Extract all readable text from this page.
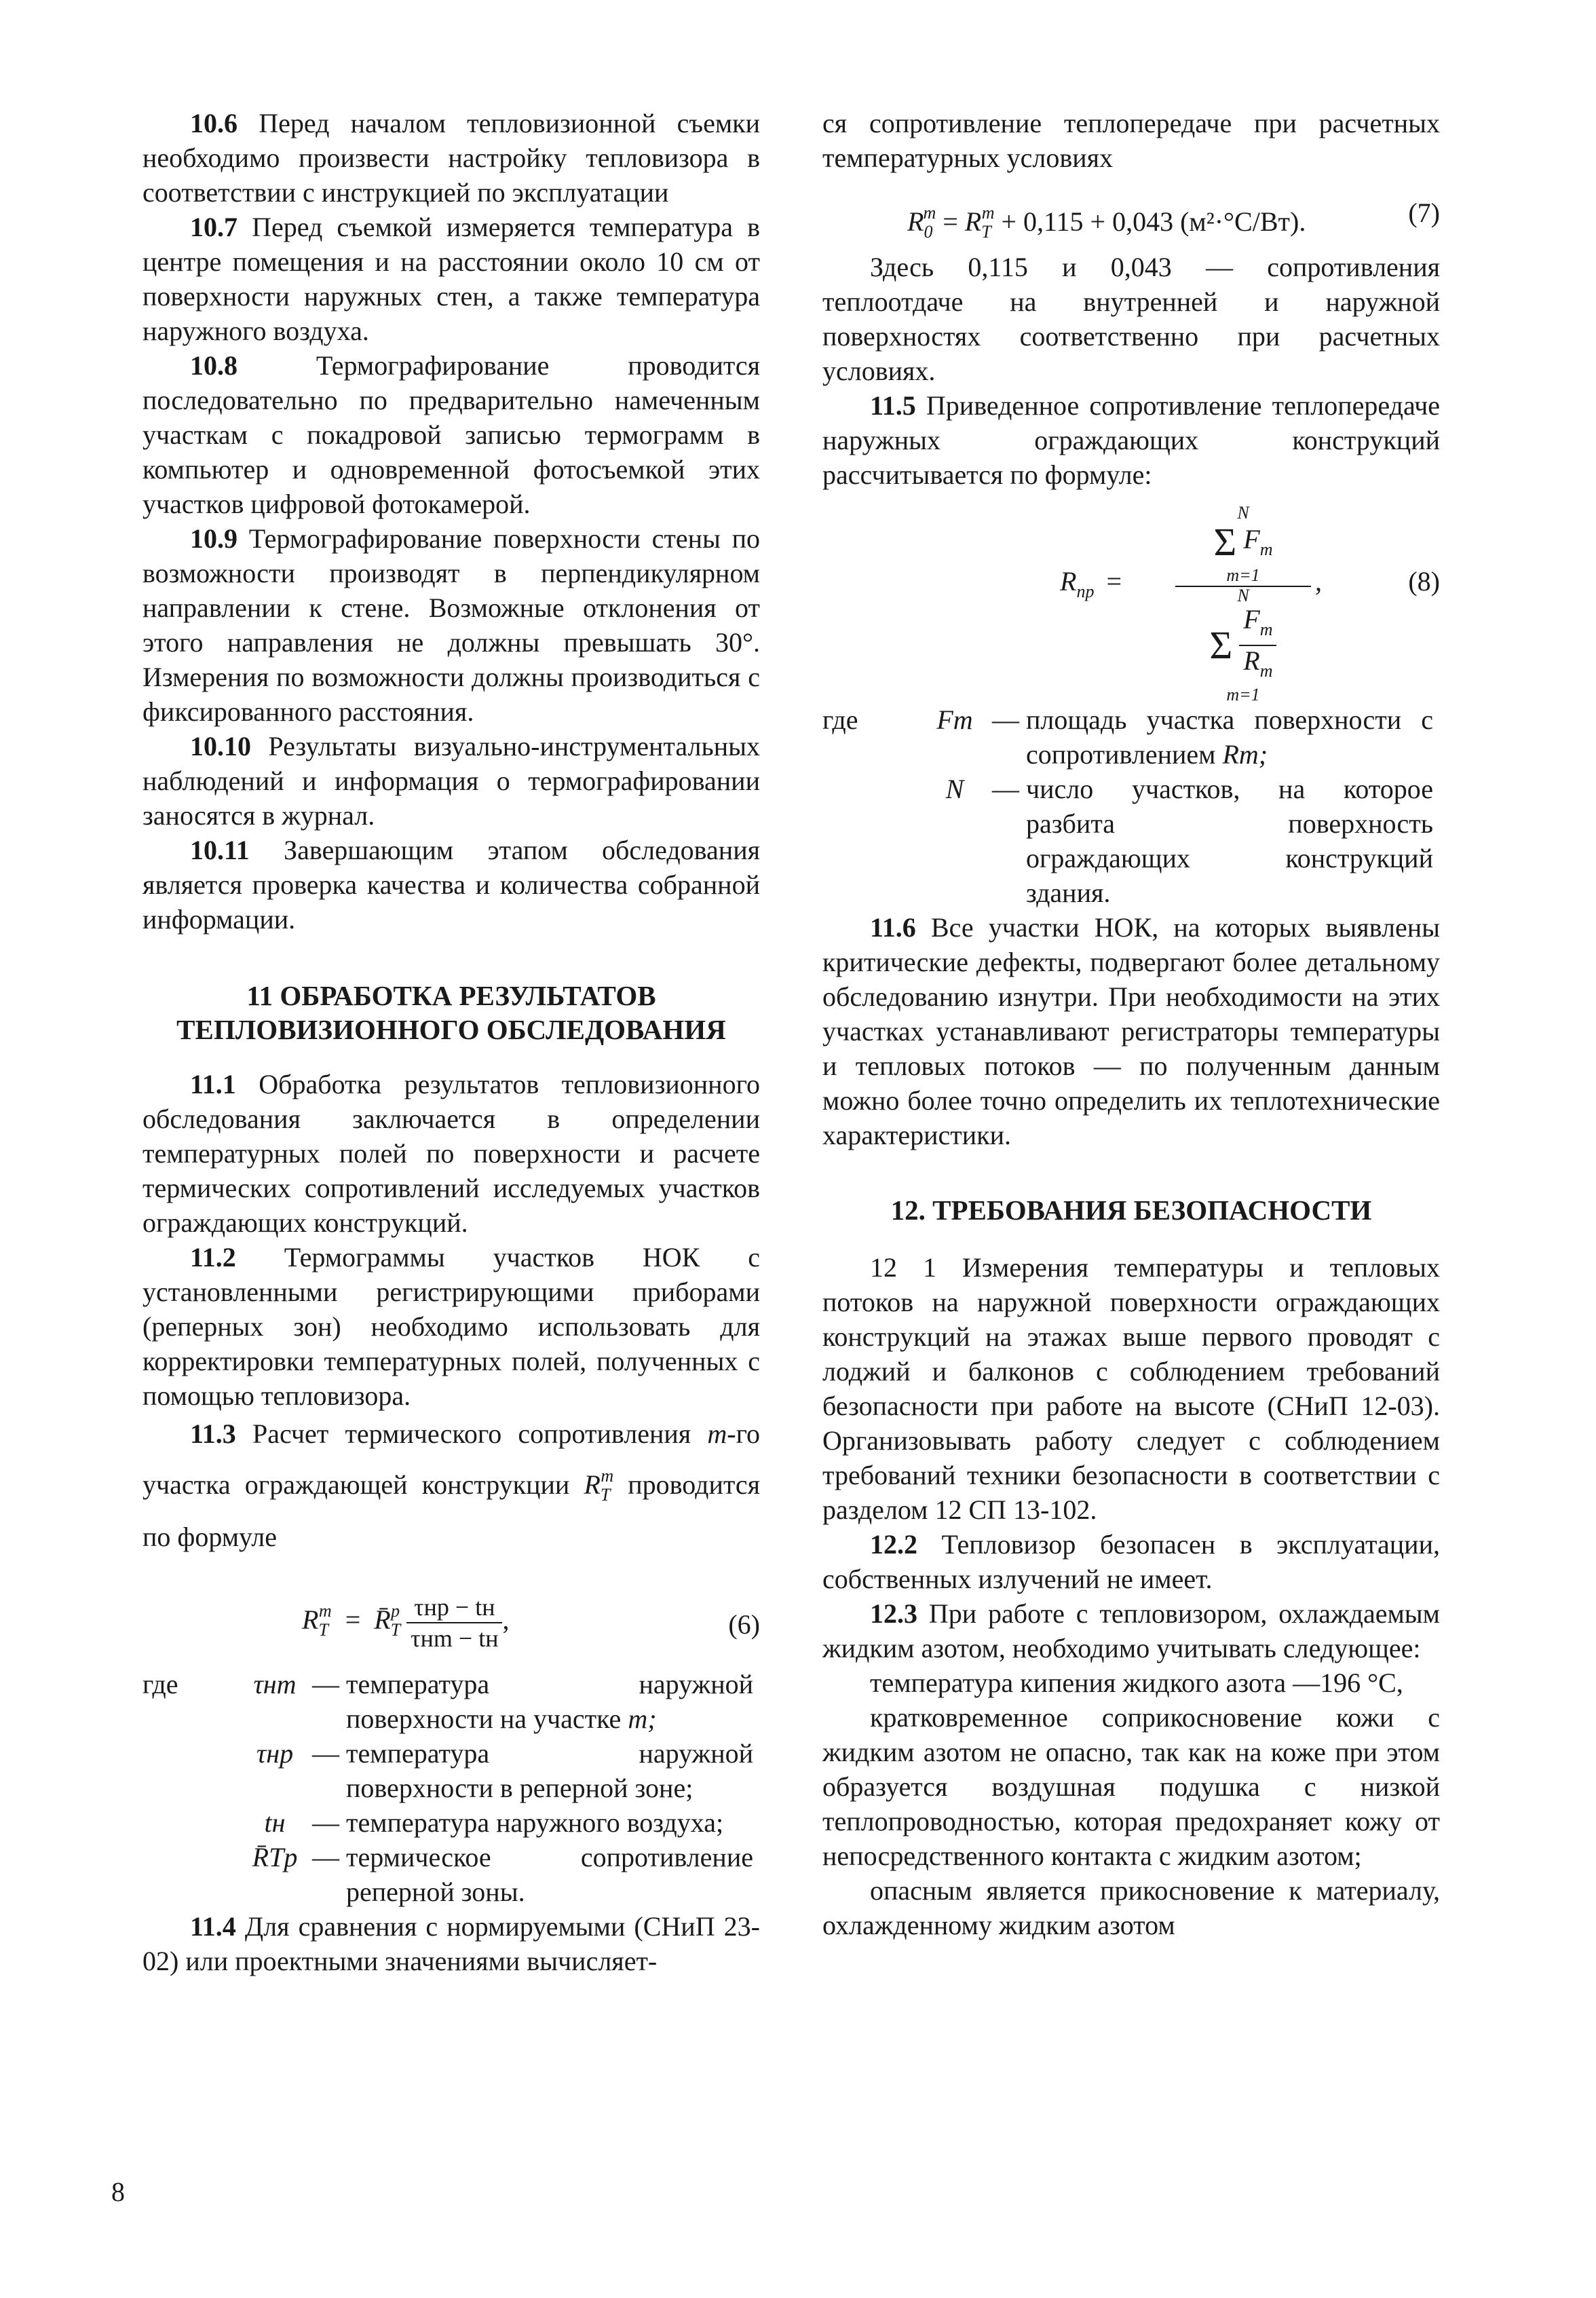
10.6 Перед началом тепловизионной съемки необходимо произвести настройку тепловизора в соответствии с инструкцией по эксплуатации

10.7 Перед съемкой измеряется температура в центре помещения и на расстоянии около 10 см от поверхности наружных стен, а также температура наружного воздуха.

10.8 Термографирование проводится последовательно по предварительно намеченным участкам с покадровой записью термограмм в компьютер и одновременной фотосъемкой этих участков цифровой фотокамерой.

10.9 Термографирование поверхности стены по возможности производят в перпендикулярном направлении к стене. Возможные отклонения от этого направления не должны превышать 30°. Измерения по возможности должны производиться с фиксированного расстояния.

10.10 Результаты визуально-инструментальных наблюдений и информация о термографировании заносятся в журнал.

10.11 Завершающим этапом обследования является проверка качества и количества собранной информации.

11 ОБРАБОТКА РЕЗУЛЬТАТОВ
ТЕПЛОВИЗИОННОГО ОБСЛЕДОВАНИЯ

11.1 Обработка результатов тепловизионного обследования заключается в определении температурных полей по поверхности и расчете термических сопротивлений исследуемых участков ограждающих конструкций.

11.2 Термограммы участков НОК с установленными регистрирующими приборами (реперных зон) необходимо использовать для корректировки температурных полей, полученных с помощью тепловизора.

11.3 Расчет термического сопротивления m-го участка ограждающей конструкции $R_T^m$ проводится по формуле

$R_T^m$ = $R̄_T^p \frac{\text{τнр − tн}}{\text{τнm − tн}}$ ,	(6)
где	τнm	—	температура наружной поверхности на участке m;
	τнр	—	температура наружной поверхности в реперной зоне;
	tн	—	температура наружного воздуха;
	R̄Tp	—	термическое сопротивление реперной зоны.

11.4 Для сравнения с нормируемыми (СНиП 23-02) или проектными значениями вычисляет-

ся сопротивление теплопередаче при расчетных температурных условиях

$R_0^m = R_T^m + 0,115 + 0,043$ (м²·°С/Вт).	(7)

Здесь 0,115 и 0,043 — сопротивления теплоотдаче на внутренней и наружной поверхностях соответственно при расчетных условиях.

11.5 Приведенное сопротивление теплопередаче наружных ограждающих конструкций рассчитывается по формуле:

$R_{пр}$ =
N
Σ $F_m$
m=1
N
Σ
$\frac{F_m}{R_m}$
m=1
,	(8)
где	Fm	—	площадь участка поверхности с сопротивлением Rm;
	N	—	число участков, на которое разбита поверхность ограждающих конструкций здания.

11.6 Все участки НОК, на которых выявлены критические дефекты, подвергают более детальному обследованию изнутри. При необходимости на этих участках устанавливают регистраторы температуры и тепловых потоков — по полученным данным можно более точно определить их теплотехнические характеристики.

12. ТРЕБОВАНИЯ БЕЗОПАСНОСТИ

12 1 Измерения температуры и тепловых потоков на наружной поверхности ограждающих конструкций на этажах выше первого проводят с лоджий и балконов с соблюдением требований безопасности при работе на высоте (СНиП 12-03). Организовывать работу следует с соблюдением требований техники безопасности в соответствии с разделом 12 СП 13-102.

12.2 Тепловизор безопасен в эксплуатации, собственных излучений не имеет.

12.3 При работе с тепловизором, охлаждаемым жидким азотом, необходимо учитывать следующее:

температура кипения жидкого азота —196 °С,

кратковременное соприкосновение кожи с жидким азотом не опасно, так как на коже при этом образуется воздушная подушка с низкой теплопроводностью, которая предохраняет кожу от непосредственного контакта с жидким азотом;

опасным является прикосновение к материалу, охлажденному жидким азотом

8
